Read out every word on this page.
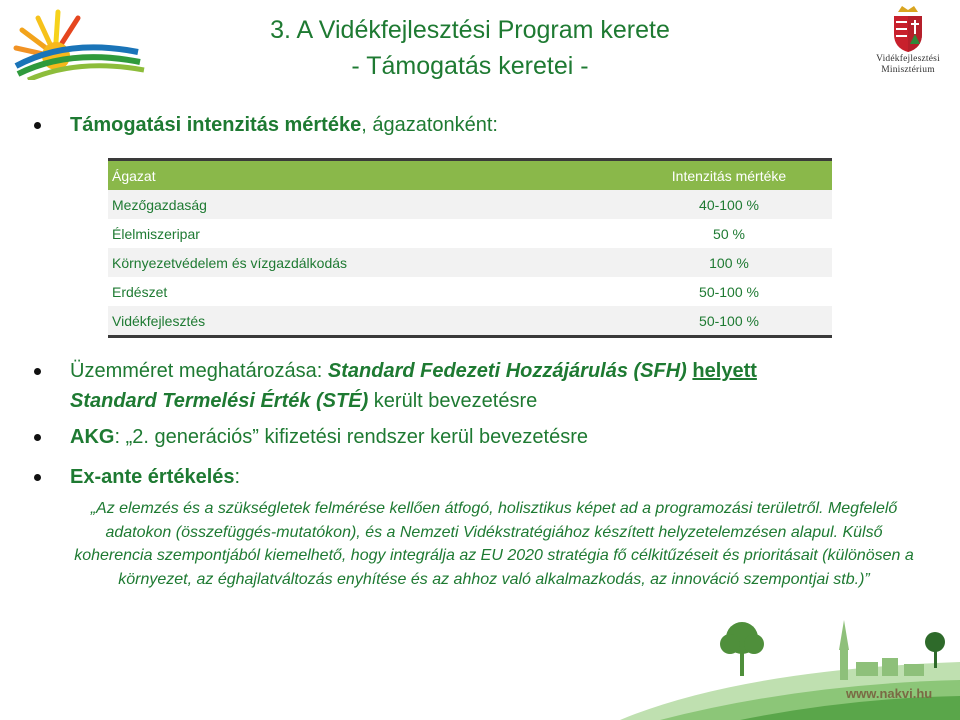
3. A Vidékfejlesztési Program kerete
- Támogatás keretei -	Vidékfejlesztési
Minisztérium
Támogatási intenzitás mértéke, ágazatonként:
Ágazat	Intenzitás mértéke
Mezőgazdaság	40-100 %
Élelmiszeripar	50 %
Környezetvédelem és vízgazdálkodás	100 %
Erdészet	50-100 %
Vidékfejlesztés	50-100 %
Üzemméret meghatározása: Standard Fedezeti Hozzájárulás (SFH) helyett
Standard Termelési Érték (STÉ) került bevezetésre
AKG: „2. generációs” kifizetési rendszer kerül bevezetésre
Ex-ante értékelés:
„Az elemzés és a szükségletek felmérése kellően átfogó, holisztikus képet ad a programozási területről. Megfelelő adatokon (összefüggés-mutatókon), és a Nemzeti Vidékstratégiához készített helyzetelemzésen alapul. Külső koherencia szempontjából kiemelhető, hogy integrálja az EU 2020 stratégia fő célkitűzéseit és prioritásait (különösen a környezet, az éghajlatváltozás enyhítése és az ahhoz való alkalmazkodás, az innováció szempontjai stb.)”
www.nakvi.hu
